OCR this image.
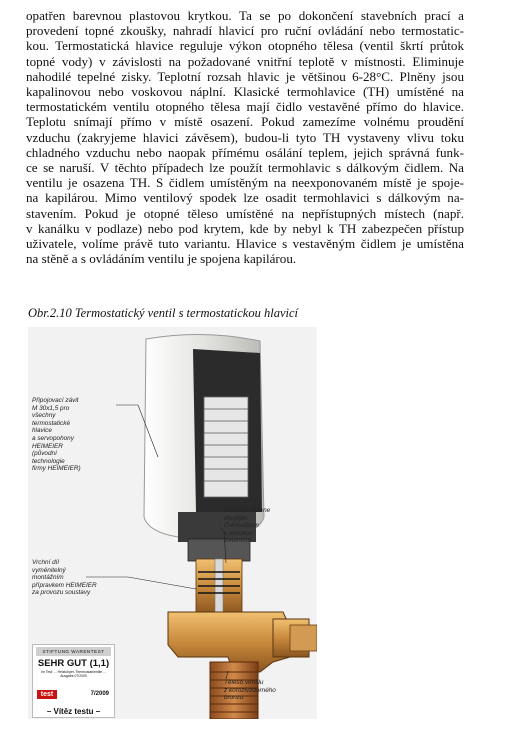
opatřen barevnou plastovou krytkou. Ta se po dokončení stavebních prací a
provedení topné zkoušky, nahradí hlavicí pro ruční ovládání nebo termostatic-
kou. Termostatická hlavice reguluje výkon otopného tělesa (ventil škrtí průtok
topné vody) v závislosti na požadované vnitřní teplotě v místnosti. Eliminuje
nahodilé tepelné zisky. Teplotní rozsah hlavic je většinou 6-28°C. Plněny jsou
kapalinovou nebo voskovou náplní. Klasické termohlavice (TH) umístěné na
termostatickém ventilu otopného tělesa mají čidlo vestavěné přímo do hlavice.
Teplotu snímají přímo v místě osazení. Pokud zamezíme volnému proudění
vzduchu (zakryjeme hlavici závěsem), budou-li tyto TH vystaveny vlivu toku
chladného vzduchu nebo naopak přímému osálání teplem, jejich správná funk-
ce se naruší. V těchto případech lze použít termohlavic s dálkovým čidlem. Na
ventilu je osazena TH. S čidlem umístěným na neexponovaném místě je spoje-
na kapilárou. Mimo ventilový spodek lze osadit termohlavici s dálkovým na-
stavením. Pokud je otopné těleso umístěné na nepřístupných místech (např.
v kanálku v podlaze) nebo pod krytem, kde by nebyl k TH zabezpečen přístup
uživatele, volíme právě tuto variantu. Hlavice s vestavěným čidlem je umístěna
na stěně a s ovládáním ventilu je spojena kapilárou.
Obr.2.10 Termostatický ventil s termostatickou hlavicí
Připojovací závit
M 30x1,5 pro
všechny
termostatické
hlavice
a servopohony
HEIMEIER
(původní
technologie
firmy HEIMEIER)
Těsnění vřetene
dvojitým
O-kroužkem
s vysokou
životností
Vrchní díl
vyměnitelný
montážním
přípravkem HEIMEIER
za provozu soustavy
Těleso ventilu
z korozivzdorného
bronzu
STIFTUNG WARENTEST
SEHR GUT (1,1)
Im Test: ... Heizkörper-Thermostatventile ... Ausgabe 07/2009
test	7/2009
– Vítěz testu –
